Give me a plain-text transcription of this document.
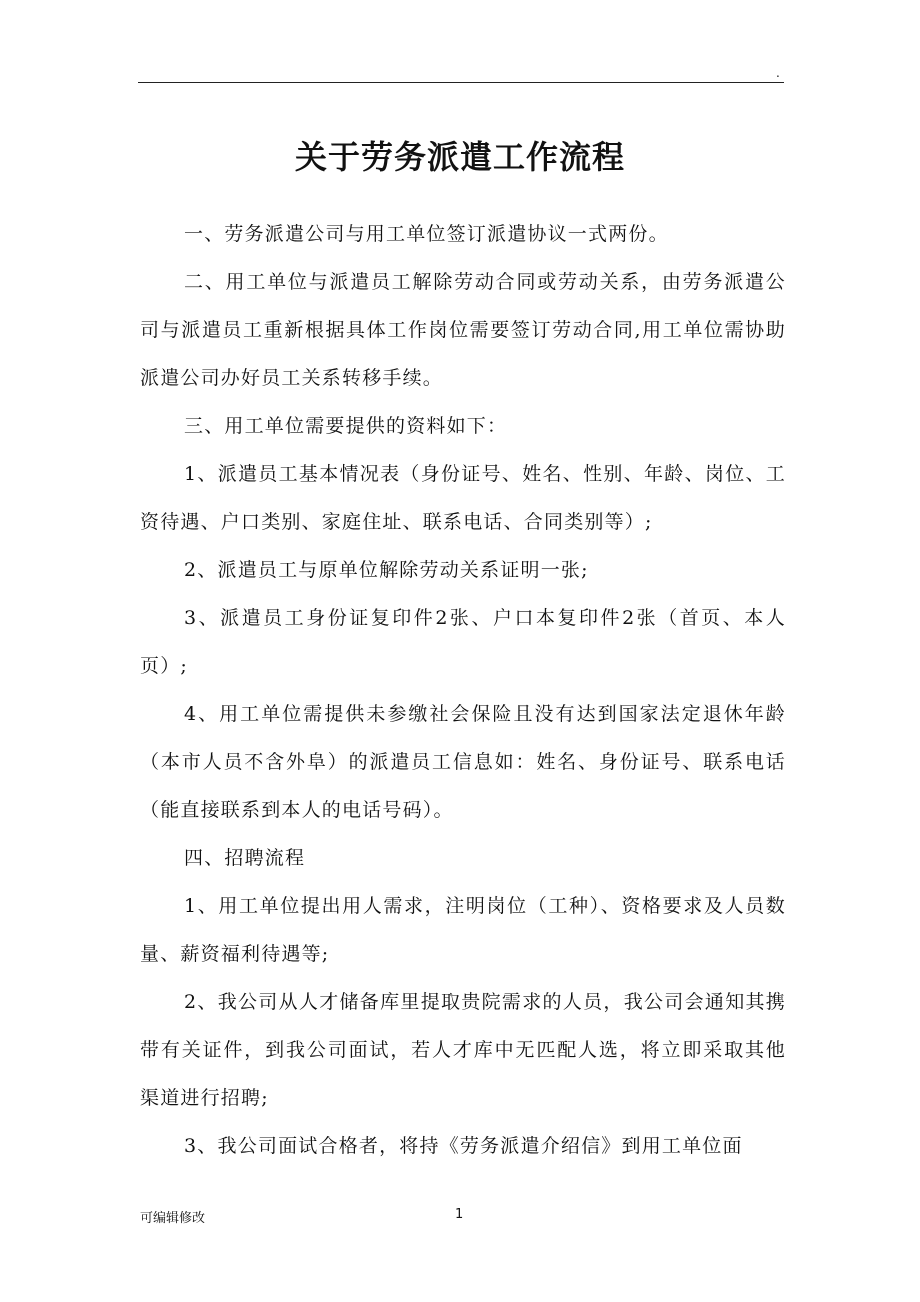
.
关于劳务派遣工作流程

一、劳务派遣公司与用工单位签订派遣协议一式两份。

二、用工单位与派遣员工解除劳动合同或劳动关系，由劳务派遣公司与派遣员工重新根据具体工作岗位需要签订劳动合同,用工单位需协助派遣公司办好员工关系转移手续。

三、用工单位需要提供的资料如下：

1、派遣员工基本情况表（身份证号、姓名、性别、年龄、岗位、工资待遇、户口类别、家庭住址、联系电话、合同类别等）;

2、派遣员工与原单位解除劳动关系证明一张;

3、派遣员工身份证复印件2张、户口本复印件2张（首页、本人页）;

4、用工单位需提供未参缴社会保险且没有达到国家法定退休年龄（本市人员不含外阜）的派遣员工信息如：姓名、身份证号、联系电话（能直接联系到本人的电话号码）。

四、招聘流程

1、用工单位提出用人需求，注明岗位（工种）、资格要求及人员数量、薪资福利待遇等;

2、我公司从人才储备库里提取贵院需求的人员，我公司会通知其携带有关证件，到我公司面试，若人才库中无匹配人选，将立即采取其他渠道进行招聘;

3、我公司面试合格者，将持《劳务派遣介绍信》到用工单位面

可编辑修改	1
